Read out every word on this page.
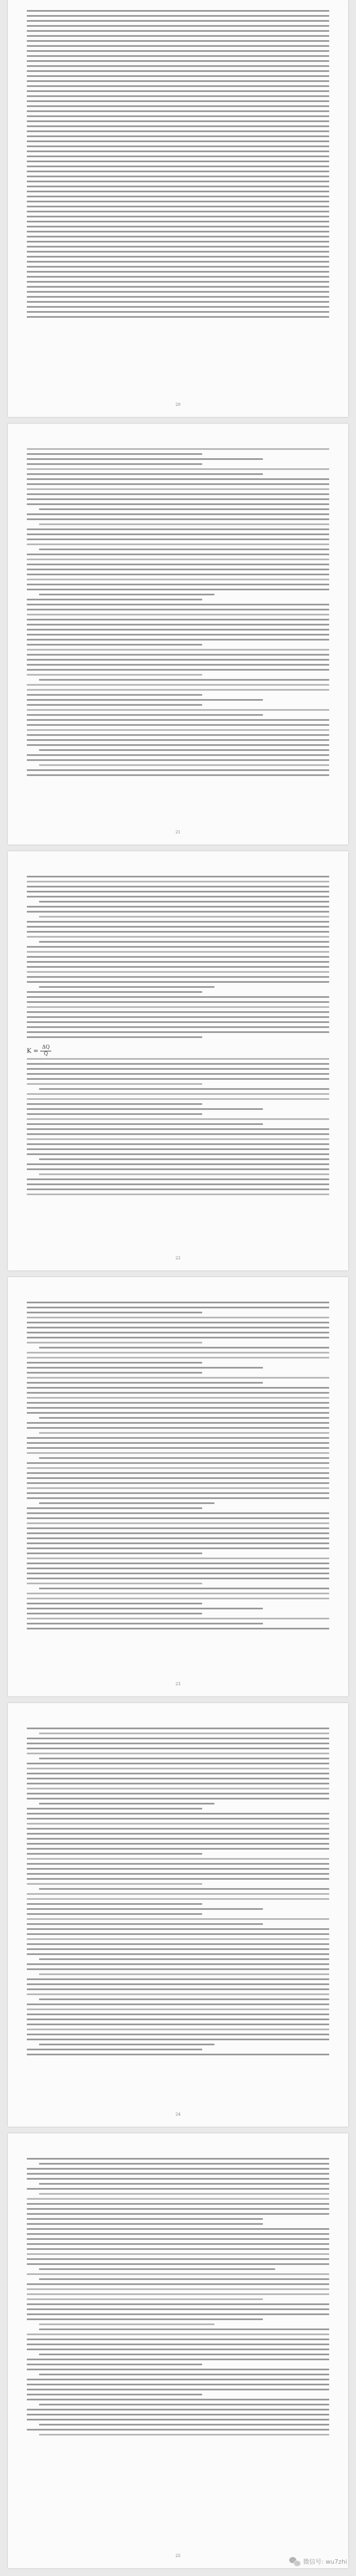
20
21
$K = \frac{\Delta Q}{Q}$
22
23
24
25
微信号: wu7zhi
